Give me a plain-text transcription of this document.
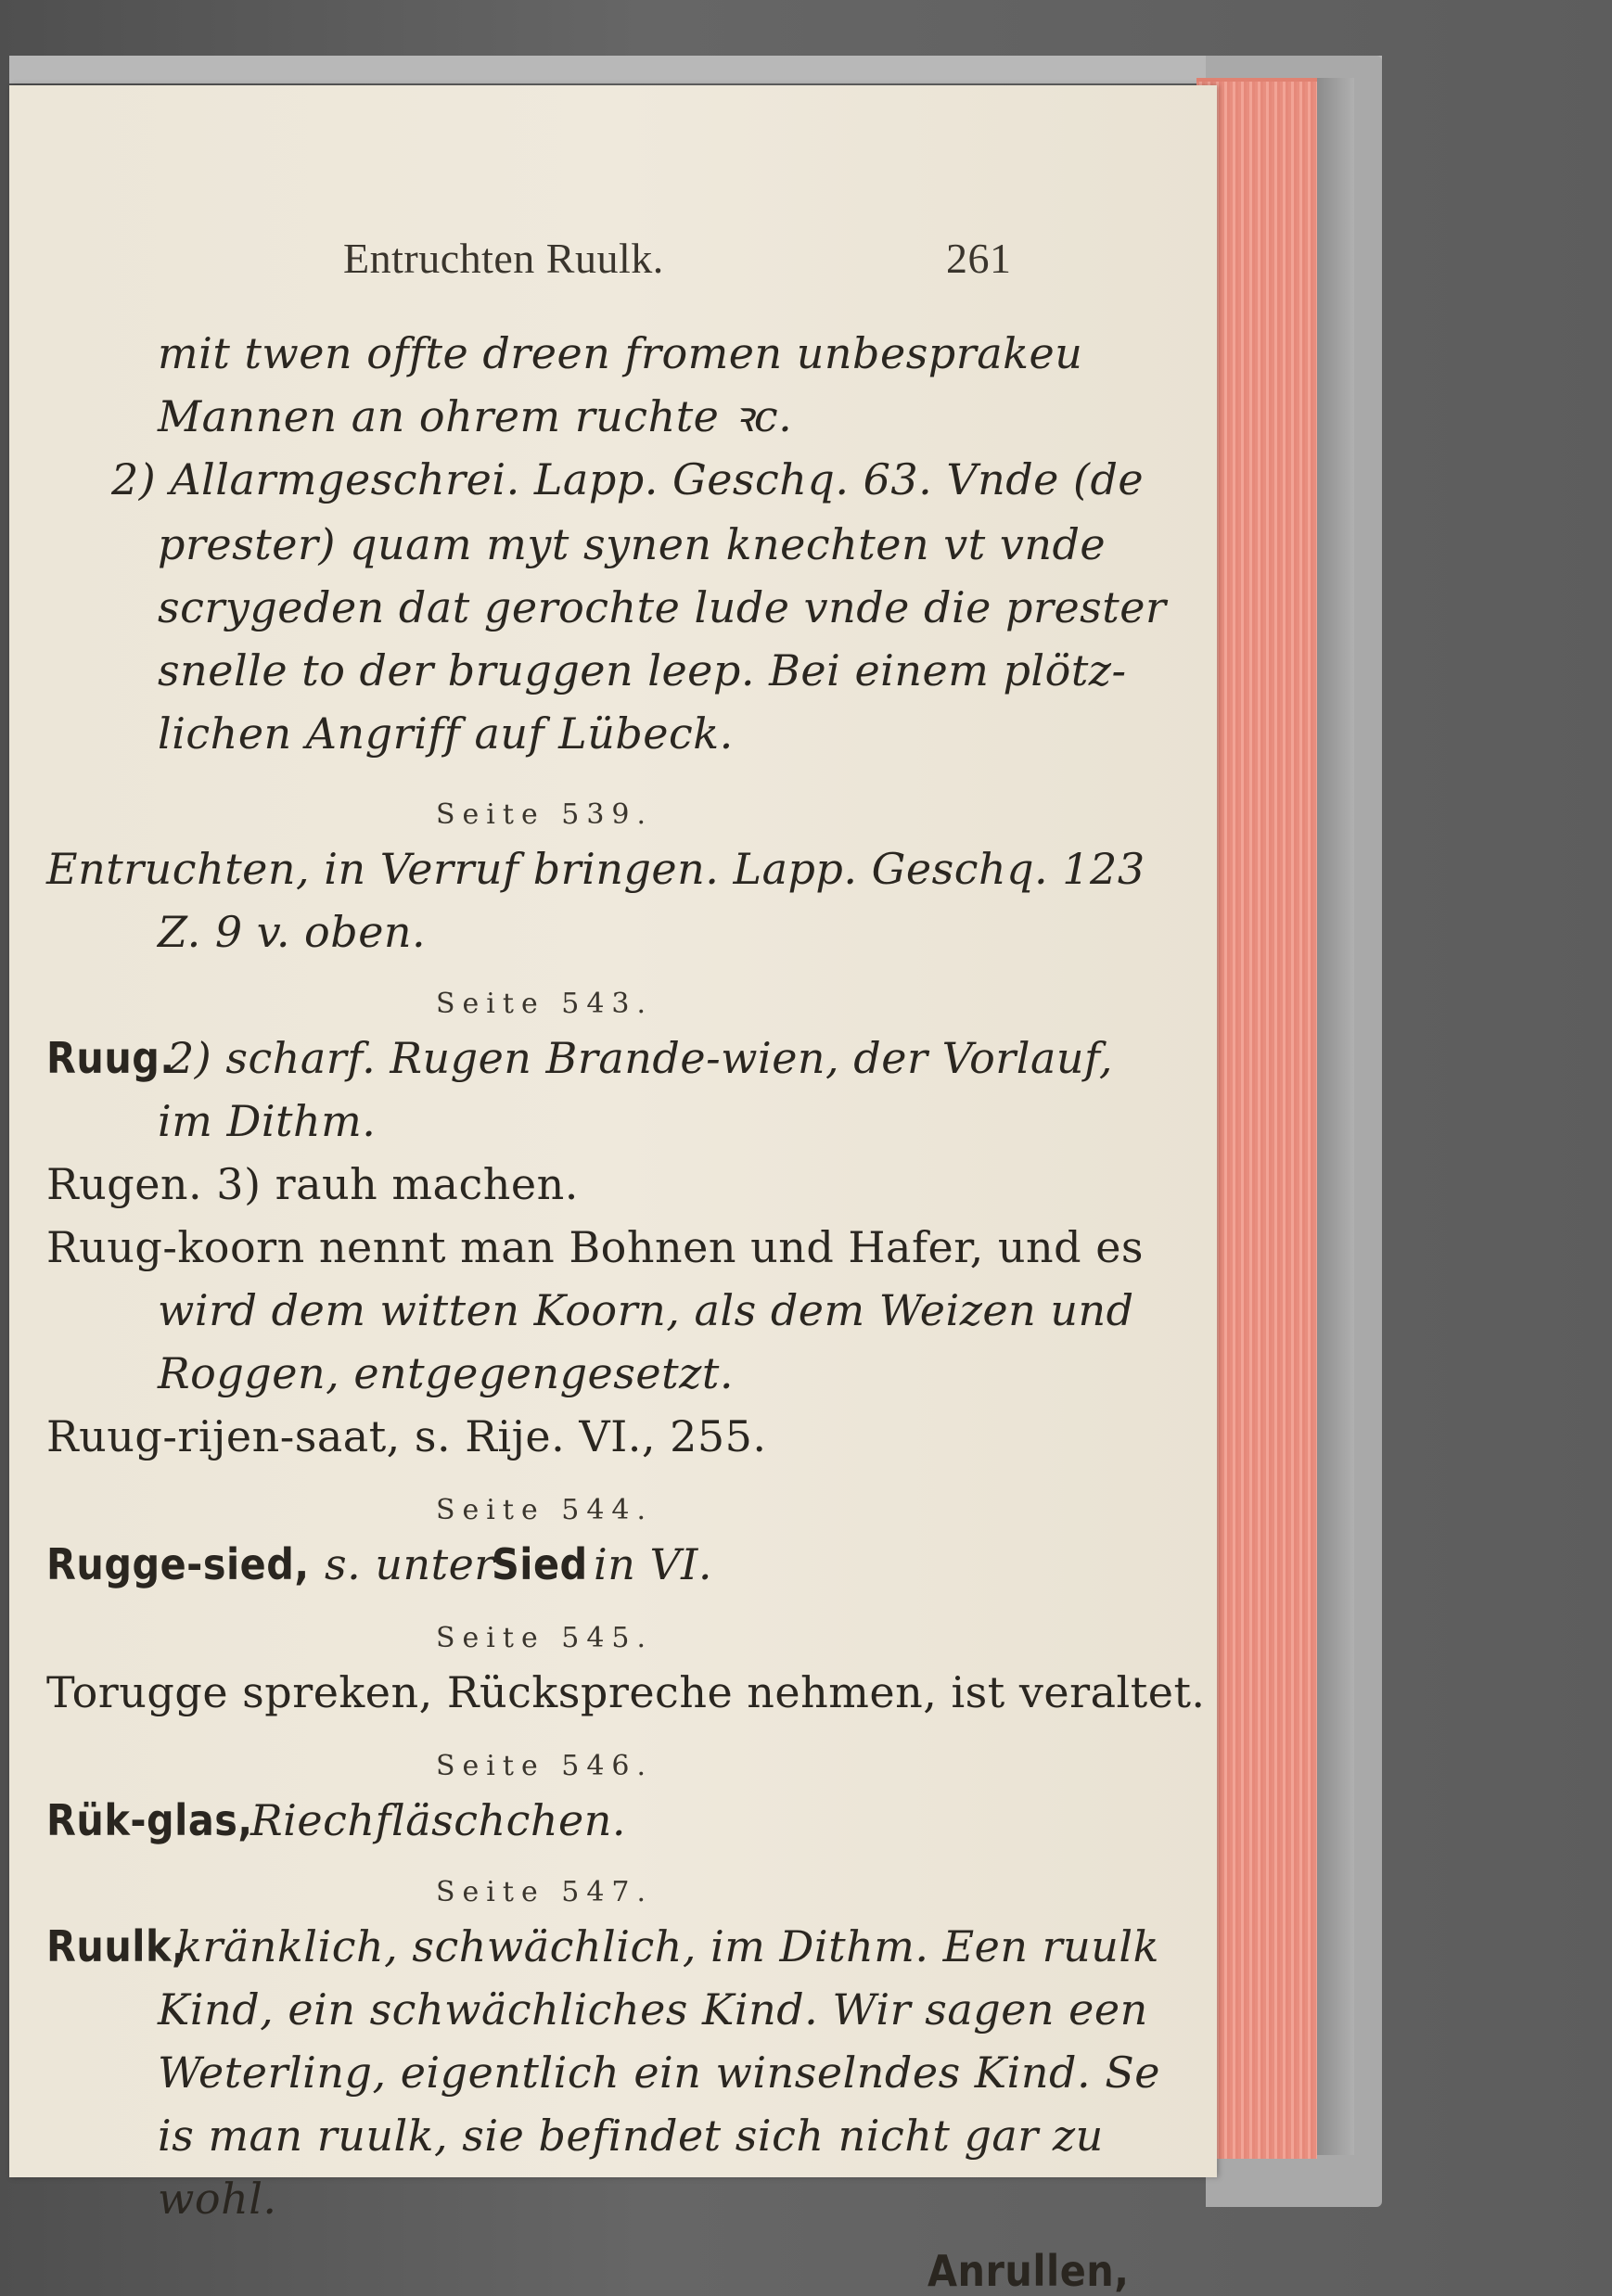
Entruchten Ruulk.	261
mit twen offte dreen fromen unbesprakeu
Mannen an ohrem ruchte ꝛc.
2) Allarmgeschrei. Lapp. Geschq. 63. Vnde (de
prester) quam myt synen knechten vt vnde
scrygeden dat gerochte lude vnde die prester
snelle to der bruggen leep. Bei einem plötz-
lichen Angriff auf Lübeck.
Seite 539.
Entruchten, in Verruf bringen. Lapp. Geschq. 123
Z. 9 v. oben.
Seite 543.
Ruug.
2) scharf. Rugen Brande-wien, der Vorlauf,
im Dithm.
Rugen. 3) rauh machen.
Ruug-koorn nennt man Bohnen und Hafer, und es
wird dem witten Koorn, als dem Weizen und
Roggen, entgegengesetzt.
Ruug-rijen-saat, s. Rije. VI., 255.
Seite 544.
Rugge-sied, s. unter
Sied in VI.
Seite 545.
Torugge spreken, Rückspreche nehmen, ist veraltet.
Seite 546.
Rük-glas,
Riechfläschchen.
Seite 547.
Ruulk,
kränklich, schwächlich, im Dithm. Een ruulk
Kind, ein schwächliches Kind. Wir sagen een
Weterling, eigentlich ein winselndes Kind. Se
is man ruulk, sie befindet sich nicht gar zu
wohl.
Anrullen,
